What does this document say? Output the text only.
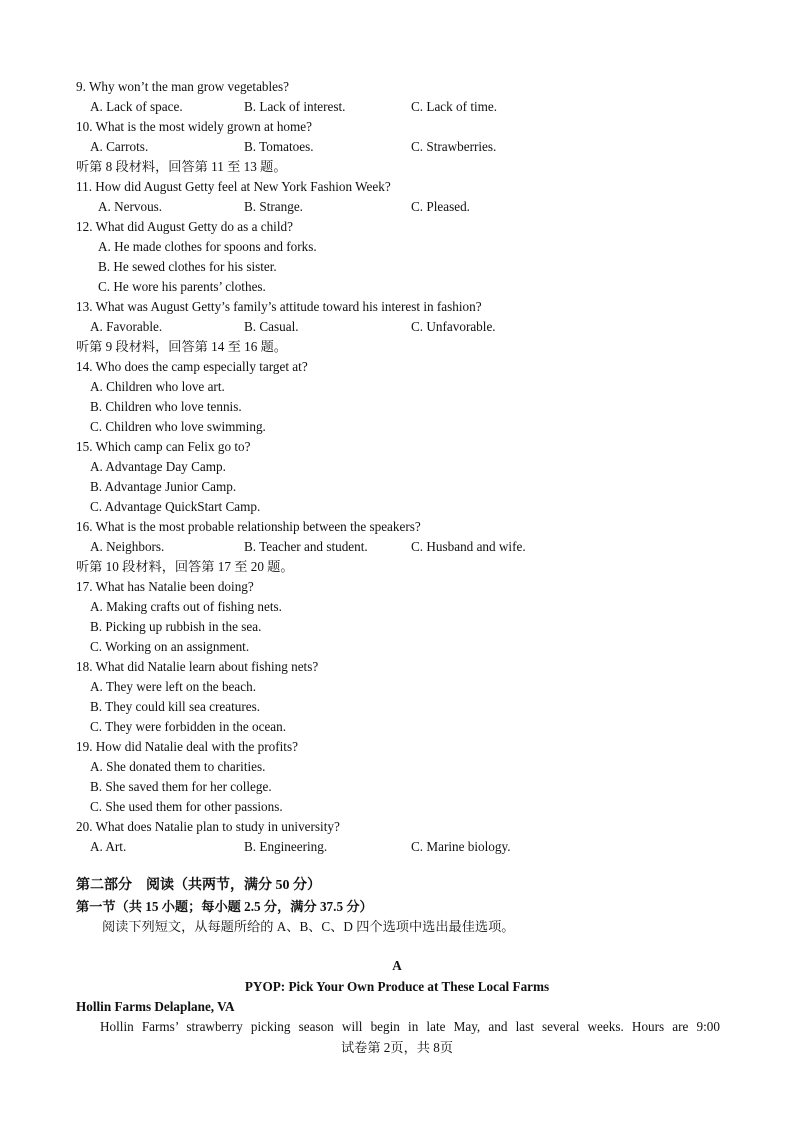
9. Why won’t the man grow vegetables?
A. Lack of space.	B. Lack of interest.	C. Lack of time.
10. What is the most widely grown at home?
A. Carrots.	B. Tomatoes.	C. Strawberries.
听第 8 段材料，回答第 11 至 13 题。
11. How did August Getty feel at New York Fashion Week?
A. Nervous.	B. Strange.	C. Pleased.
12. What did August Getty do as a child?
A. He made clothes for spoons and forks.
B. He sewed clothes for his sister.
C. He wore his parents’ clothes.
13. What was August Getty’s family’s attitude toward his interest in fashion?
A. Favorable.	B. Casual.	C. Unfavorable.
听第 9 段材料，回答第 14 至 16 题。
14. Who does the camp especially target at?
A. Children who love art.
B. Children who love tennis.
C. Children who love swimming.
15. Which camp can Felix go to?
A. Advantage Day Camp.
B. Advantage Junior Camp.
C. Advantage QuickStart Camp.
16. What is the most probable relationship between the speakers?
A. Neighbors.	B. Teacher and student.	C. Husband and wife.
听第 10 段材料，回答第 17 至 20 题。
17. What has Natalie been doing?
A. Making crafts out of fishing nets.
B. Picking up rubbish in the sea.
C. Working on an assignment.
18. What did Natalie learn about fishing nets?
A. They were left on the beach.
B. They could kill sea creatures.
C. They were forbidden in the ocean.
19. How did Natalie deal with the profits?
A. She donated them to charities.
B. She saved them for her college.
C. She used them for other passions.
20. What does Natalie plan to study in university?
A. Art.	B. Engineering.	C. Marine biology.
第二部分　阅读（共两节，满分 50 分）
第一节（共 15 小题；每小题 2.5 分，满分 37.5 分）
阅读下列短文，从每题所给的 A、B、C、D 四个选项中选出最佳选项。
A
PYOP: Pick Your Own Produce at These Local Farms
Hollin Farms Delaplane, VA
Hollin Farms’ strawberry picking season will begin in late May, and last several weeks. Hours are 9:00
试卷第 2页，共 8页
